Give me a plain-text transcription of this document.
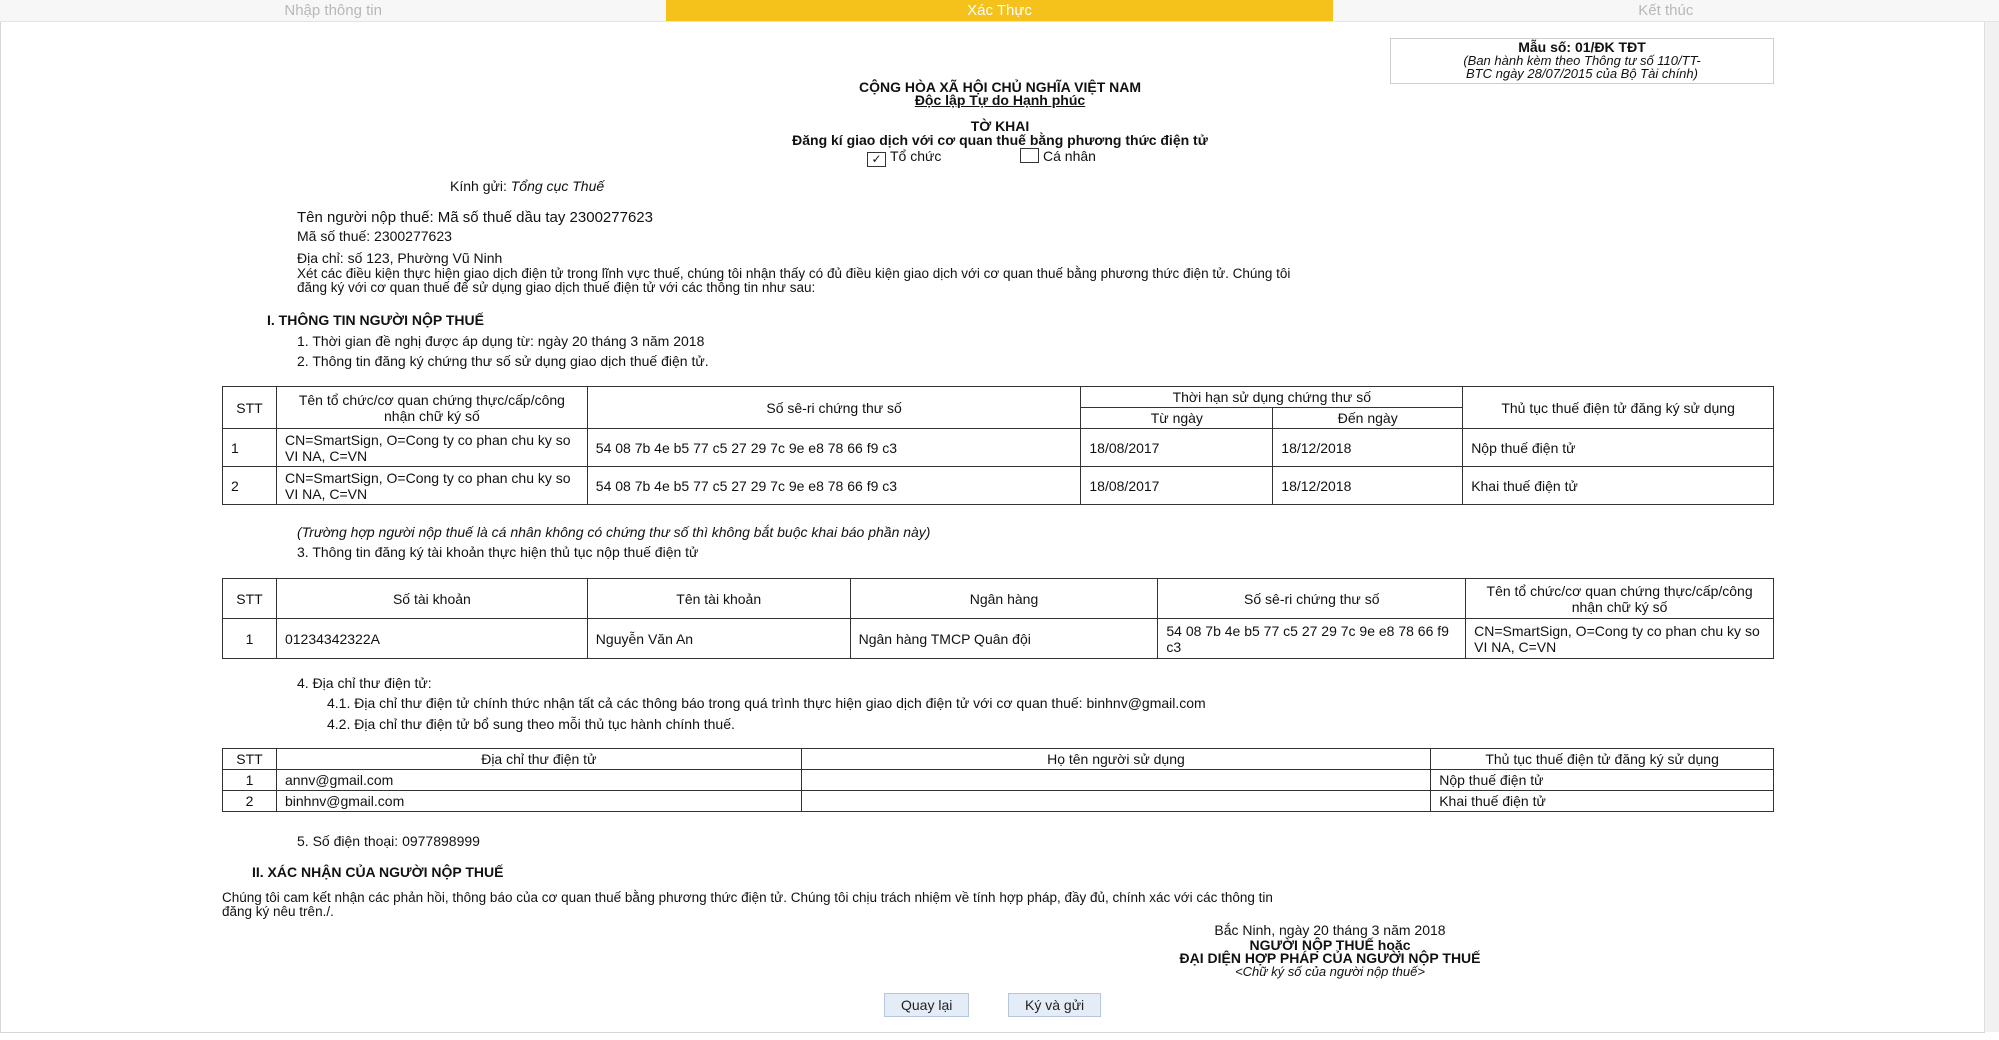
Nhập thông tin	Xác Thực	Kết thúc
Mẫu số: 01/ĐK TĐT
(Ban hành kèm theo Thông tư số 110/TT-
BTC ngày 28/07/2015 của Bộ Tài chính)
CỘNG HÒA XÃ HỘI CHỦ NGHĨA VIỆT NAM
Độc lập Tự do Hạnh phúc
TỜ KHAI
Đăng kí giao dịch với cơ quan thuế bằng phương thức điện tử
✓ Tổ chức	Cá nhân
Kính gửi: Tổng cục Thuế
Tên người nộp thuế: Mã số thuế dầu tay 2300277623
Mã số thuế: 2300277623
Địa chỉ: số 123, Phường Vũ Ninh
Xét các điều kiện thực hiện giao dịch điện tử trong lĩnh vực thuế, chúng tôi nhận thấy có đủ điều kiện giao dịch với cơ quan thuế bằng phương thức điện tử. Chúng tôi
đăng ký với cơ quan thuế để sử dụng giao dịch thuế điện tử với các thông tin như sau:
I. THÔNG TIN NGƯỜI NỘP THUẾ
1. Thời gian đề nghị được áp dụng từ: ngày 20 tháng 3 năm 2018
2. Thông tin đăng ký chứng thư số sử dụng giao dịch thuế điện tử.
STT	Tên tổ chức/cơ quan chứng thực/cấp/công nhận chữ ký số	Số sê-ri chứng thư số	Thời hạn sử dụng chứng thư số		Thủ tục thuế điện tử đăng ký sử dụng
			Từ ngày	Đến ngày	
1	CN=SmartSign, O=Cong ty co phan chu ky so VI NA, C=VN	54 08 7b 4e b5 77 c5 27 29 7c 9e e8 78 66 f9 c3	18/08/2017	18/12/2018	Nộp thuế điện tử
2	CN=SmartSign, O=Cong ty co phan chu ky so VI NA, C=VN	54 08 7b 4e b5 77 c5 27 29 7c 9e e8 78 66 f9 c3	18/08/2017	18/12/2018	Khai thuế điện tử
(Trường hợp người nộp thuế là cá nhân không có chứng thư số thì không bắt buộc khai báo phần này)
3. Thông tin đăng ký tài khoản thực hiện thủ tục nộp thuế điện tử
STT	Số tài khoản	Tên tài khoản	Ngân hàng	Số sê-ri chứng thư số	Tên tổ chức/cơ quan chứng thực/cấp/công nhận chữ ký số
1	01234342322A	Nguyễn Văn An	Ngân hàng TMCP Quân đội	54 08 7b 4e b5 77 c5 27 29 7c 9e e8 78 66 f9 c3	CN=SmartSign, O=Cong ty co phan chu ky so VI NA, C=VN
4. Địa chỉ thư điện tử:
4.1. Địa chỉ thư điện tử chính thức nhận tất cả các thông báo trong quá trình thực hiện giao dịch điện tử với cơ quan thuế: binhnv@gmail.com
4.2. Địa chỉ thư điện tử bổ sung theo mỗi thủ tục hành chính thuế.
STT	Địa chỉ thư điện tử	Họ tên người sử dụng	Thủ tục thuế điện tử đăng ký sử dụng
1	annv@gmail.com		Nộp thuế điện tử
2	binhnv@gmail.com		Khai thuế điện tử
5. Số điện thoại: 0977898999
II. XÁC NHẬN CỦA NGƯỜI NỘP THUẾ
Chúng tôi cam kết nhận các phản hồi, thông báo của cơ quan thuế bằng phương thức điện tử. Chúng tôi chịu trách nhiệm về tính hợp pháp, đầy đủ, chính xác với các thông tin
đăng ký nêu trên./.
Bắc Ninh, ngày 20 tháng 3 năm 2018
NGƯỜI NỘP THUẾ hoặc
ĐẠI DIỆN HỢP PHÁP CỦA NGƯỜI NỘP THUẾ
<Chữ ký số của người nộp thuế>
Quay lại	Ký và gửi
